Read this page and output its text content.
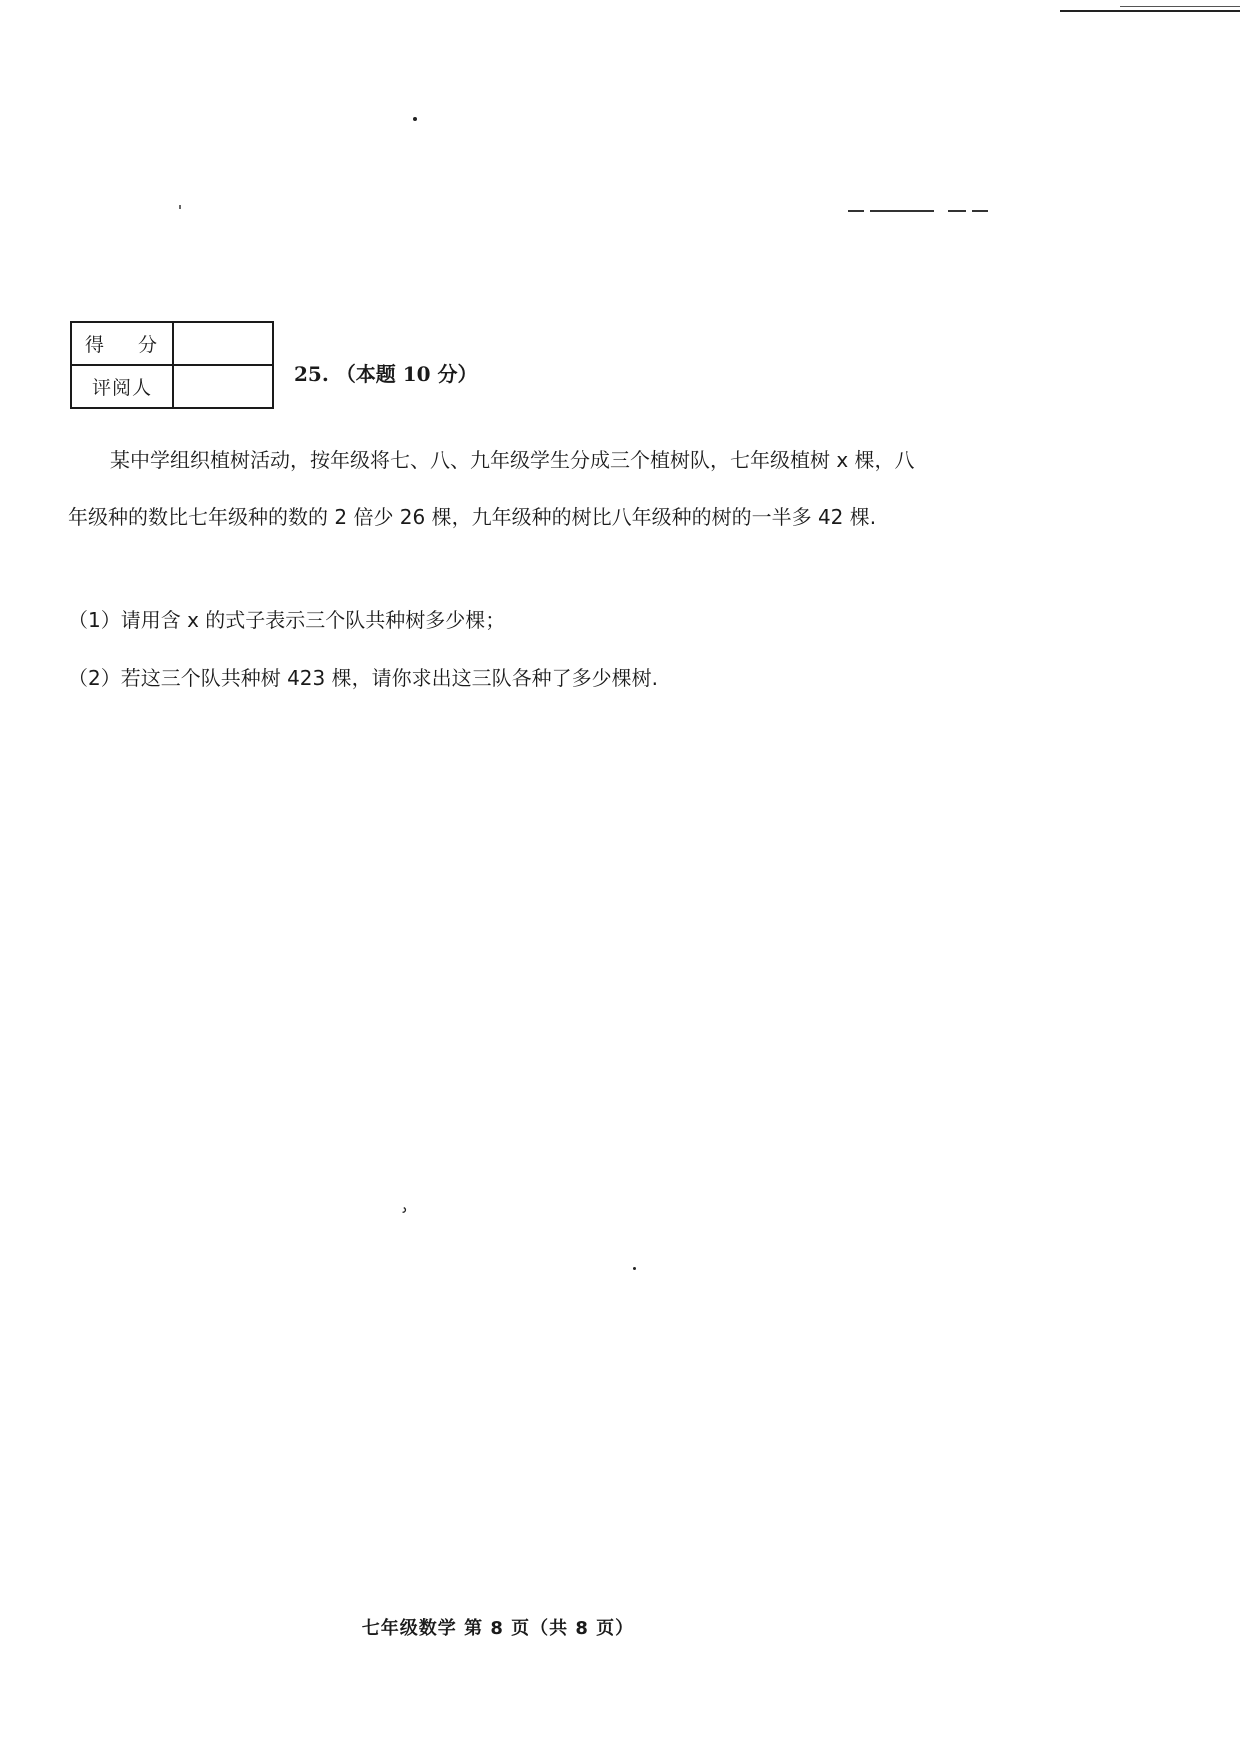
ʾ
得 分	
评阅人	
25. （本题 10 分）

某中学组织植树活动，按年级将七、八、九年级学生分成三个植树队，七年级植树 x 棵，八年级种的数比七年级种的数的 2 倍少 26 棵，九年级种的树比八年级种的树的一半多 42 棵.

（1）请用含 x 的式子表示三个队共种树多少棵；
（2）若这三个队共种树 423 棵，请你求出这三队各种了多少棵树.
七年级数学 第 8 页（共 8 页）
